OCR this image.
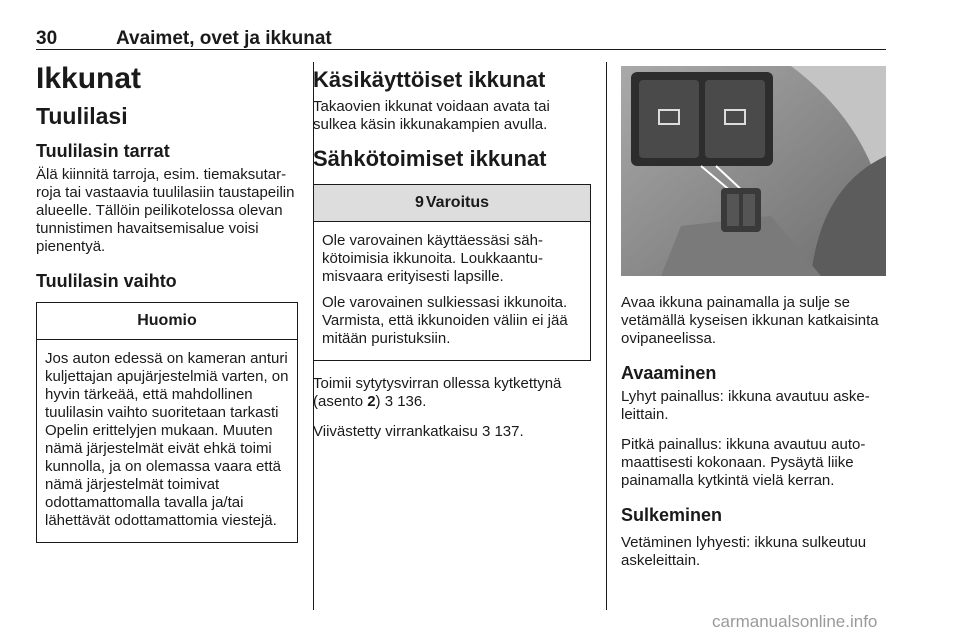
30	Avaimet, ovet ja ikkunat
Ikkunat
Tuulilasi
Tuulilasin tarrat
Älä kiinnitä tarroja, esim. tiemaksutarroja tai vastaavia tuulilasiin taustapeilin alueelle. Tällöin peilikotelossa olevan tunnistimen havaitsemisalue voisi pienentyä.
Tuulilasin vaihto
Huomio
Jos auton edessä on kameran anturi kuljettajan apujärjestelmiä varten, on hyvin tärkeää, että mahdollinen tuulilasin vaihto suoritetaan tarkasti Opelin erittelyjen mukaan. Muuten nämä järjestelmät eivät ehkä toimi kunnolla, ja on olemassa vaara että nämä järjestelmät toimivat odottamattomalla tavalla ja/tai lähettävät odottamattomia viestejä.
Käsikäyttöiset ikkunat
Takaovien ikkunat voidaan avata tai sulkea käsin ikkunakampien avulla.
Sähkötoimiset ikkunat
9 Varoitus
Ole varovainen käyttäessäsi sähkötoimisia ikkunoita. Loukkaantumisvaara erityisesti lapsille.
Ole varovainen sulkiessasi ikkunoita. Varmista, että ikkunoiden väliin ei jää mitään puristuksiin.
Toimii sytytysvirran ollessa kytkettynä (asento 2) 3 136.
Viivästetty virrankatkaisu 3 137.
Avaa ikkuna painamalla ja sulje se vetämällä kyseisen ikkunan katkaisinta ovipaneelissa.
Avaaminen
Lyhyt painallus: ikkuna avautuu askeleittain.
Pitkä painallus: ikkuna avautuu automaattisesti kokonaan. Pysäytä liike painamalla kytkintä vielä kerran.
Sulkeminen
Vetäminen lyhyesti: ikkuna sulkeutuu askeleittain.
carmanualsonline.info
